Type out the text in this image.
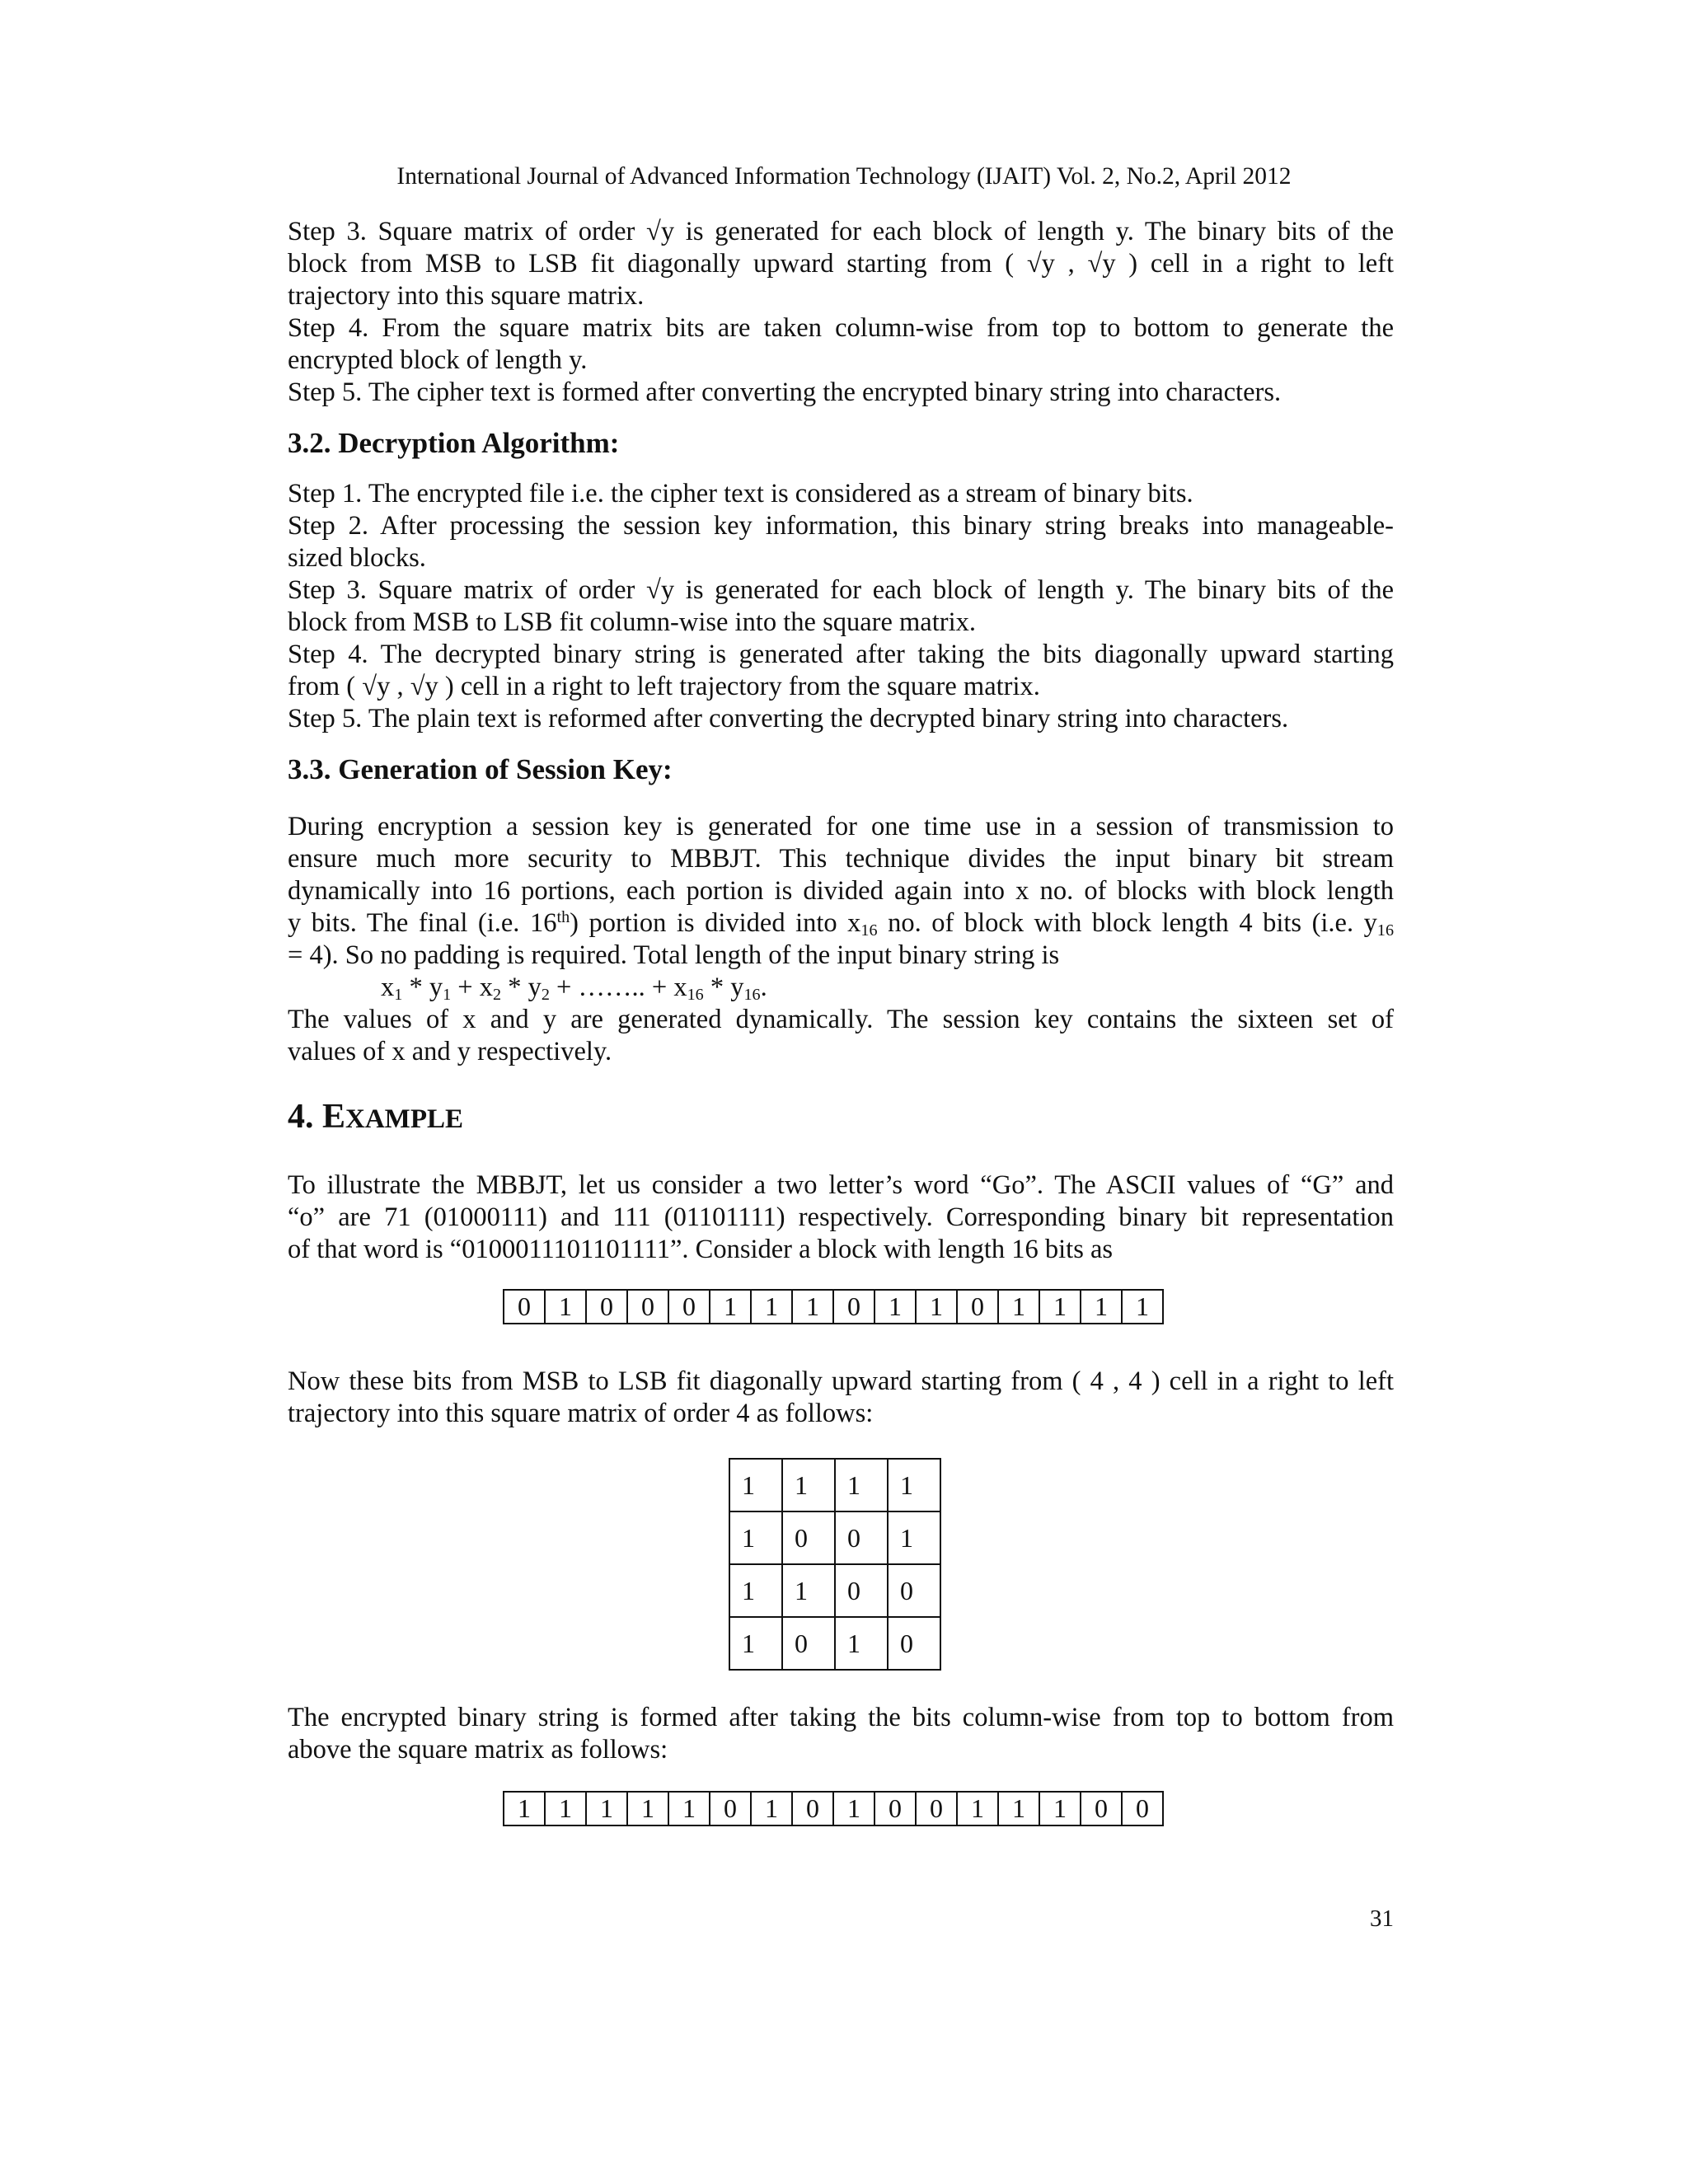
International Journal of Advanced Information Technology (IJAIT) Vol. 2, No.2, April 2012

Step 3. Square matrix of order √y is generated for each block of length y. The binary bits of the

block from MSB to LSB fit diagonally upward starting from ( √y , √y ) cell in a right to left

trajectory into this square matrix.

Step 4. From the square matrix bits are taken column-wise from top to bottom to generate the

encrypted block of length y.

Step 5. The cipher text is formed after converting the encrypted binary string into characters.

3.2. Decryption Algorithm:

Step 1. The encrypted file i.e. the cipher text is considered as a stream of binary bits.

Step 2. After processing the session key information, this binary string breaks into manageable-

sized blocks.

Step 3. Square matrix of order √y is generated for each block of length y. The binary bits of the

block from MSB to LSB fit column-wise into the square matrix.

Step 4. The decrypted binary string is generated after taking the bits diagonally upward starting

from ( √y , √y ) cell in a right to left trajectory from the square matrix.

Step 5. The plain text is reformed after converting the decrypted binary string into characters.

3.3. Generation of Session Key:

During encryption a session key is generated for one time use in a session of transmission to

ensure much more security to MBBJT. This technique divides the input binary bit stream

dynamically into 16 portions, each portion is divided again into x no. of blocks with block length

y bits. The final (i.e. 16th) portion is divided into $x_{16}$ no. of block with block length 4 bits (i.e. $y_{16}$

= 4). So no padding is required. Total length of the input binary string is

$x_1 * y_1 + x_2 * y_2$ + …….. + $x_{16} * y_{16}$.

The values of x and y are generated dynamically. The session key contains the sixteen set of

values of x and y respectively.

4. EXAMPLE

To illustrate the MBBJT, let us consider a two letter’s word “Go”. The ASCII values of “G” and

“o” are 71 (01000111) and 111 (01101111) respectively. Corresponding binary bit representation

of that word is “0100011101101111”. Consider a block with length 16 bits as

0	1	0	0	0	1	1	1	0	1	1	0	1	1	1	1

Now these bits from MSB to LSB fit diagonally upward starting from ( 4 , 4 ) cell in a right to left

trajectory into this square matrix of order 4 as follows:

1	1	1	1
1	0	0	1
1	1	0	0
1	0	1	0

The encrypted binary string is formed after taking the bits column-wise from top to bottom from

above the square matrix as follows:

1	1	1	1	1	0	1	0	1	0	0	1	1	1	0	0
31
